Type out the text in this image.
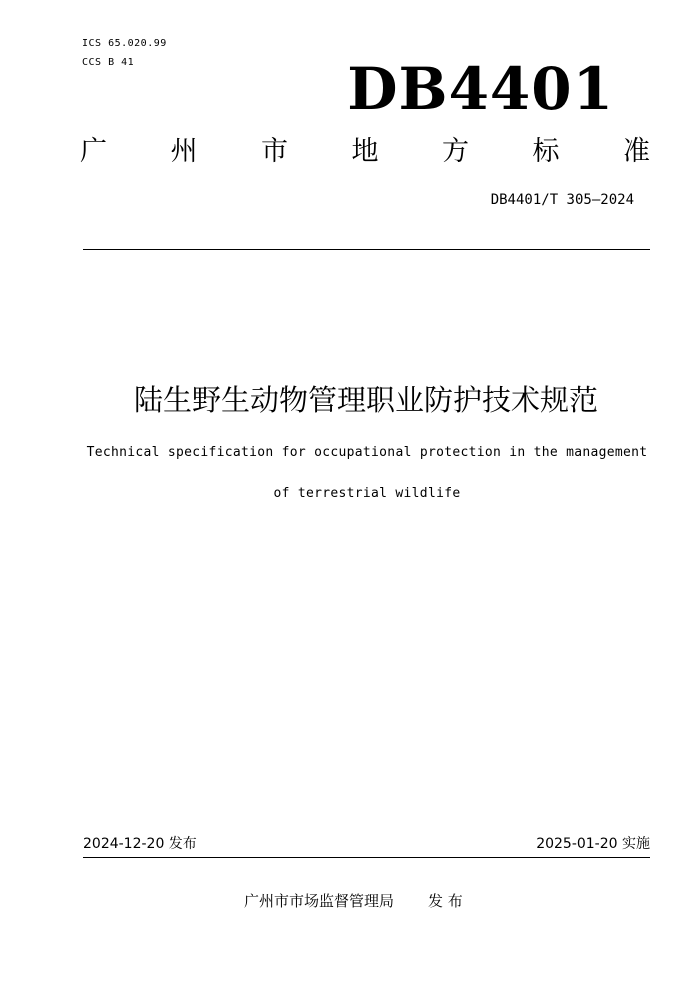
ICS 65.020.99
CCS B 41	DB4401
广 州 市 地 方 标 准
DB4401/T 305—2024
陆生野生动物管理职业防护技术规范
Technical specification for occupational protection in the management
of terrestrial wildlife
2024-12-20 发布	2025-01-20 实施
广州市市场监督管理局 发 布
